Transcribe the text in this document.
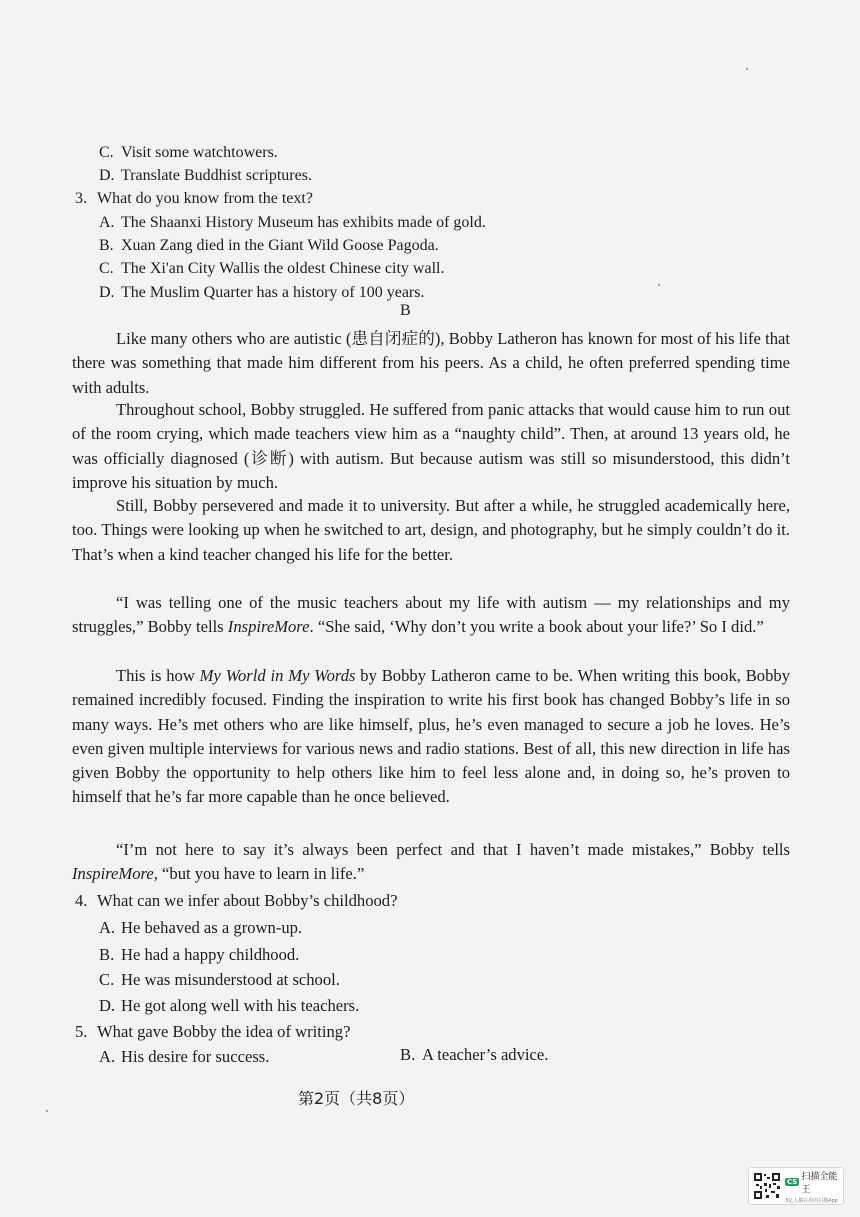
C. Visit some watchtowers.
D. Translate Buddhist scriptures.
3. What do you know from the text?
A. The Shaanxi History Museum has exhibits made of gold.
B. Xuan Zang died in the Giant Wild Goose Pagoda.
C. The Xi'an City Wallis the oldest Chinese city wall.
D. The Muslim Quarter has a history of 100 years.
B
Like many others who are autistic (患自闭症的), Bobby Latheron has known for most of his life that there was something that made him different from his peers. As a child, he often preferred spending time with adults.
Throughout school, Bobby struggled. He suffered from panic attacks that would cause him to run out of the room crying, which made teachers view him as a “naughty child”. Then, at around 13 years old, he was officially diagnosed (诊断) with autism. But because autism was still so misunderstood, this didn’t improve his situation by much.
Still, Bobby persevered and made it to university. But after a while, he struggled academically here, too. Things were looking up when he switched to art, design, and photography, but he simply couldn’t do it. That’s when a kind teacher changed his life for the better.
“I was telling one of the music teachers about my life with autism — my relationships and my struggles,” Bobby tells InspireMore. “She said, ‘Why don’t you write a book about your life?’ So I did.”
This is how My World in My Words by Bobby Latheron came to be. When writing this book, Bobby remained incredibly focused. Finding the inspiration to write his first book has changed Bobby’s life in so many ways. He’s met others who are like himself, plus, he’s even managed to secure a job he loves. He’s even given multiple interviews for various news and radio stations. Best of all, this new direction in life has given Bobby the opportunity to help others like him to feel less alone and, in doing so, he’s proven to himself that he’s far more capable than he once believed.
“I’m not here to say it’s always been perfect and that I haven’t made mistakes,” Bobby tells InspireMore, “but you have to learn in life.”
4. What can we infer about Bobby’s childhood?
A. He behaved as a grown-up.
B. He had a happy childhood.
C. He was misunderstood at school.
D. He got along well with his teachers.
5. What gave Bobby the idea of writing?
A. His desire for success.	B. A teacher’s advice.
第2页（共8页）
CS 扫描全能王
3亿人都在用的扫描App
